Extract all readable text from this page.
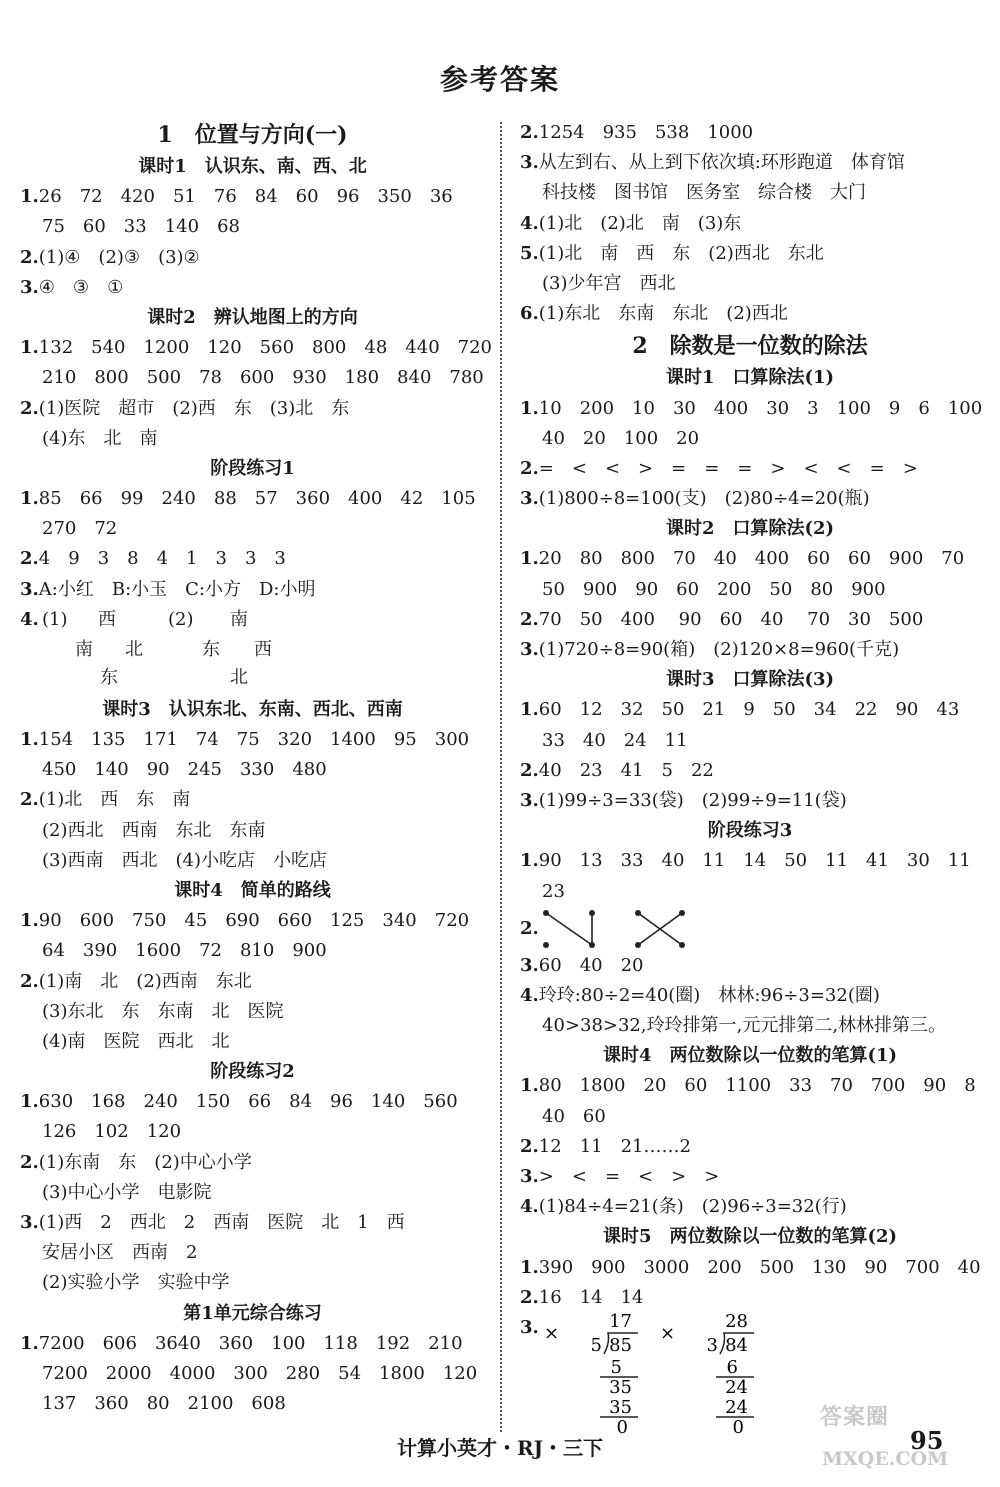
参考答案
1　位置与方向(一)
课时1　认识东、南、西、北
1.26　72　420　51　76　84　60　96　350　36
75　60　33　140　68
2.(1)④　(2)③　(3)②
3.④　③　①
课时2　辨认地图上的方向
1.132　540　1200　120　560　800　48　440　720
210　800　500　78　600　930　180　840　780
2.(1)医院　超市　(2)西　东　(3)北　东
(4)东　北　南
阶段练习1
1.85　66　99　240　88　57　360　400　42　105
270　72
2.4　9　3　8　4　1　3　3　3
3.A:小红　B:小玉　C:小方　D:小明
4. (1) 西
南 北
东
(2) 南
东 西
北
课时3　认识东北、东南、西北、西南
1.154　135　171　74　75　320　1400　95　300
450　140　90　245　330　480
2.(1)北　西　东　南
(2)西北　西南　东北　东南
(3)西南　西北　(4)小吃店　小吃店
课时4　简单的路线
1.90　600　750　45　690　660　125　340　720
64　390　1600　72　810　900
2.(1)南　北　(2)西南　东北
(3)东北　东　东南　北　医院
(4)南　医院　西北　北
阶段练习2
1.630　168　240　150　66　84　96　140　560
126　102　120
2.(1)东南　东　(2)中心小学
(3)中心小学　电影院
3.(1)西　2　西北　2　西南　医院　北　1　西
安居小区　西南　2
(2)实验小学　实验中学
第1单元综合练习
1.7200　606　3640　360　100　118　192　210
7200　2000　4000　300　280　54　1800　120
137　360　80　2100　608
2.1254　935　538　1000
3.从左到右、从上到下依次填:环形跑道　体育馆
科技楼　图书馆　医务室　综合楼　大门
4.(1)北　(2)北　南　(3)东
5.(1)北　南　西　东　(2)西北　东北
(3)少年宫　西北
6.(1)东北　东南　东北　(2)西北
2　除数是一位数的除法
课时1　口算除法(1)
1.10　200　10　30　400　30　3　100　9　6　100
40　20　100　20
2.=　<　<　>　=　=　=　>　<　<　=　>
3.(1)800÷8=100(支)　(2)80÷4=20(瓶)
课时2　口算除法(2)
1.20　80　800　70　40　400　60　60　900　70
50　900　90　60　200　50　80　900
2.70　50　400　 90　60　40　 70　30　500
3.(1)720÷8=90(箱)　(2)120×8=960(千克)
课时3　口算除法(3)
1.60　12　32　50　21　9　50　34　22　90　43
33　40　24　11
2.40　23　41　5　22
3.(1)99÷3=33(袋)　(2)99÷9=11(袋)
阶段练习3
1.90　13　33　40　11　14　50　11　41　30　11
23
2.
3.60　40　20
4.玲玲:80÷2=40(圈)　林林:96÷3=32(圈)
40>38>32,玲玲排第一,元元排第二,林林排第三。
课时4　两位数除以一位数的笔算(1)
1.80　1800　20　60　1100　33　70　700　90　8
40　60
2.12　11　21……2
3.>　<　=　<　>　>
4.(1)84÷4=21(条)　(2)96÷3=32(行)
课时5　两位数除以一位数的笔算(2)
1.390　900　3000　200　500　130　90　700　40
2.16　14　14
3. ×
17
5 85
5
35
35
0
×
28
3 84
6
24
24
0
计算小英才・RJ・三下	95
答案圈
MXQE.COM
